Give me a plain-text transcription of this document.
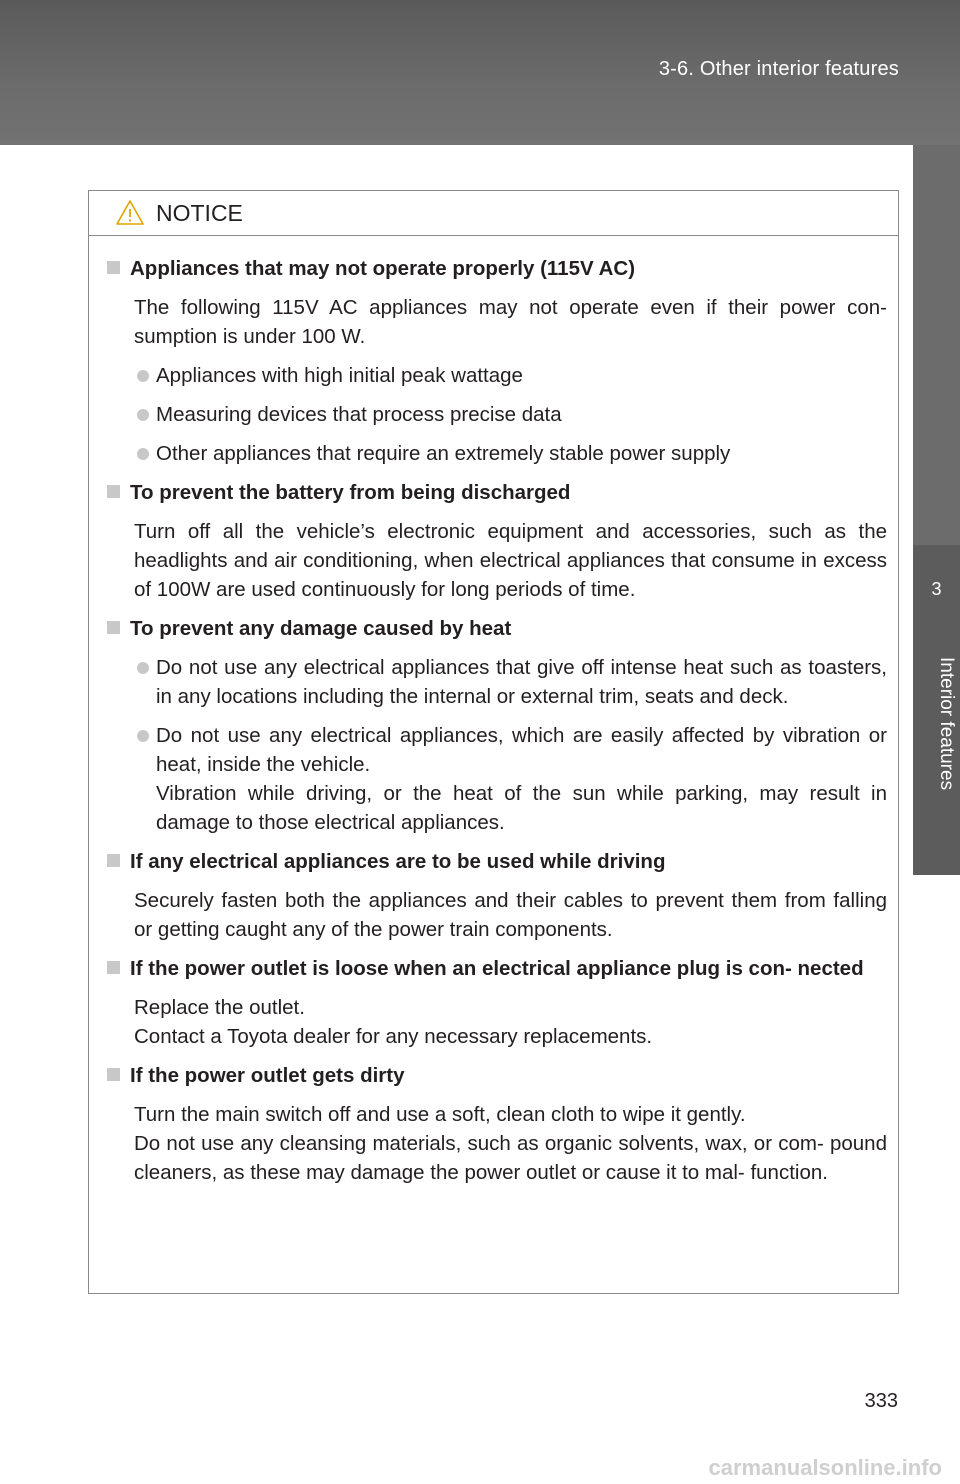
3-6. Other interior features
3
Interior features
NOTICE
Appliances that may not operate properly (115V AC)
The following 115V AC appliances may not operate even if their power con- sumption is under 100 W.
Appliances with high initial peak wattage
Measuring devices that process precise data
Other appliances that require an extremely stable power supply
To prevent the battery from being discharged
Turn off all the vehicle’s electronic equipment and accessories, such as the headlights and air conditioning, when electrical appliances that consume in excess of 100W are used continuously for long periods of time.
To prevent any damage caused by heat
Do not use any electrical appliances that give off intense heat such as toasters, in any locations including the internal or external trim, seats and deck.
Do not use any electrical appliances, which are easily affected by vibration or heat, inside the vehicle.
Vibration while driving, or the heat of the sun while parking, may result in damage to those electrical appliances.
If any electrical appliances are to be used while driving
Securely fasten both the appliances and their cables to prevent them from falling or getting caught any of the power train components.
If the power outlet is loose when an electrical appliance plug is con- nected
Replace the outlet.
Contact a Toyota dealer for any necessary replacements.
If the power outlet gets dirty
Turn the main switch off and use a soft, clean cloth to wipe it gently.
Do not use any cleansing materials, such as organic solvents, wax, or com- pound cleaners, as these may damage the power outlet or cause it to mal- function.
333
carmanualsonline.info
